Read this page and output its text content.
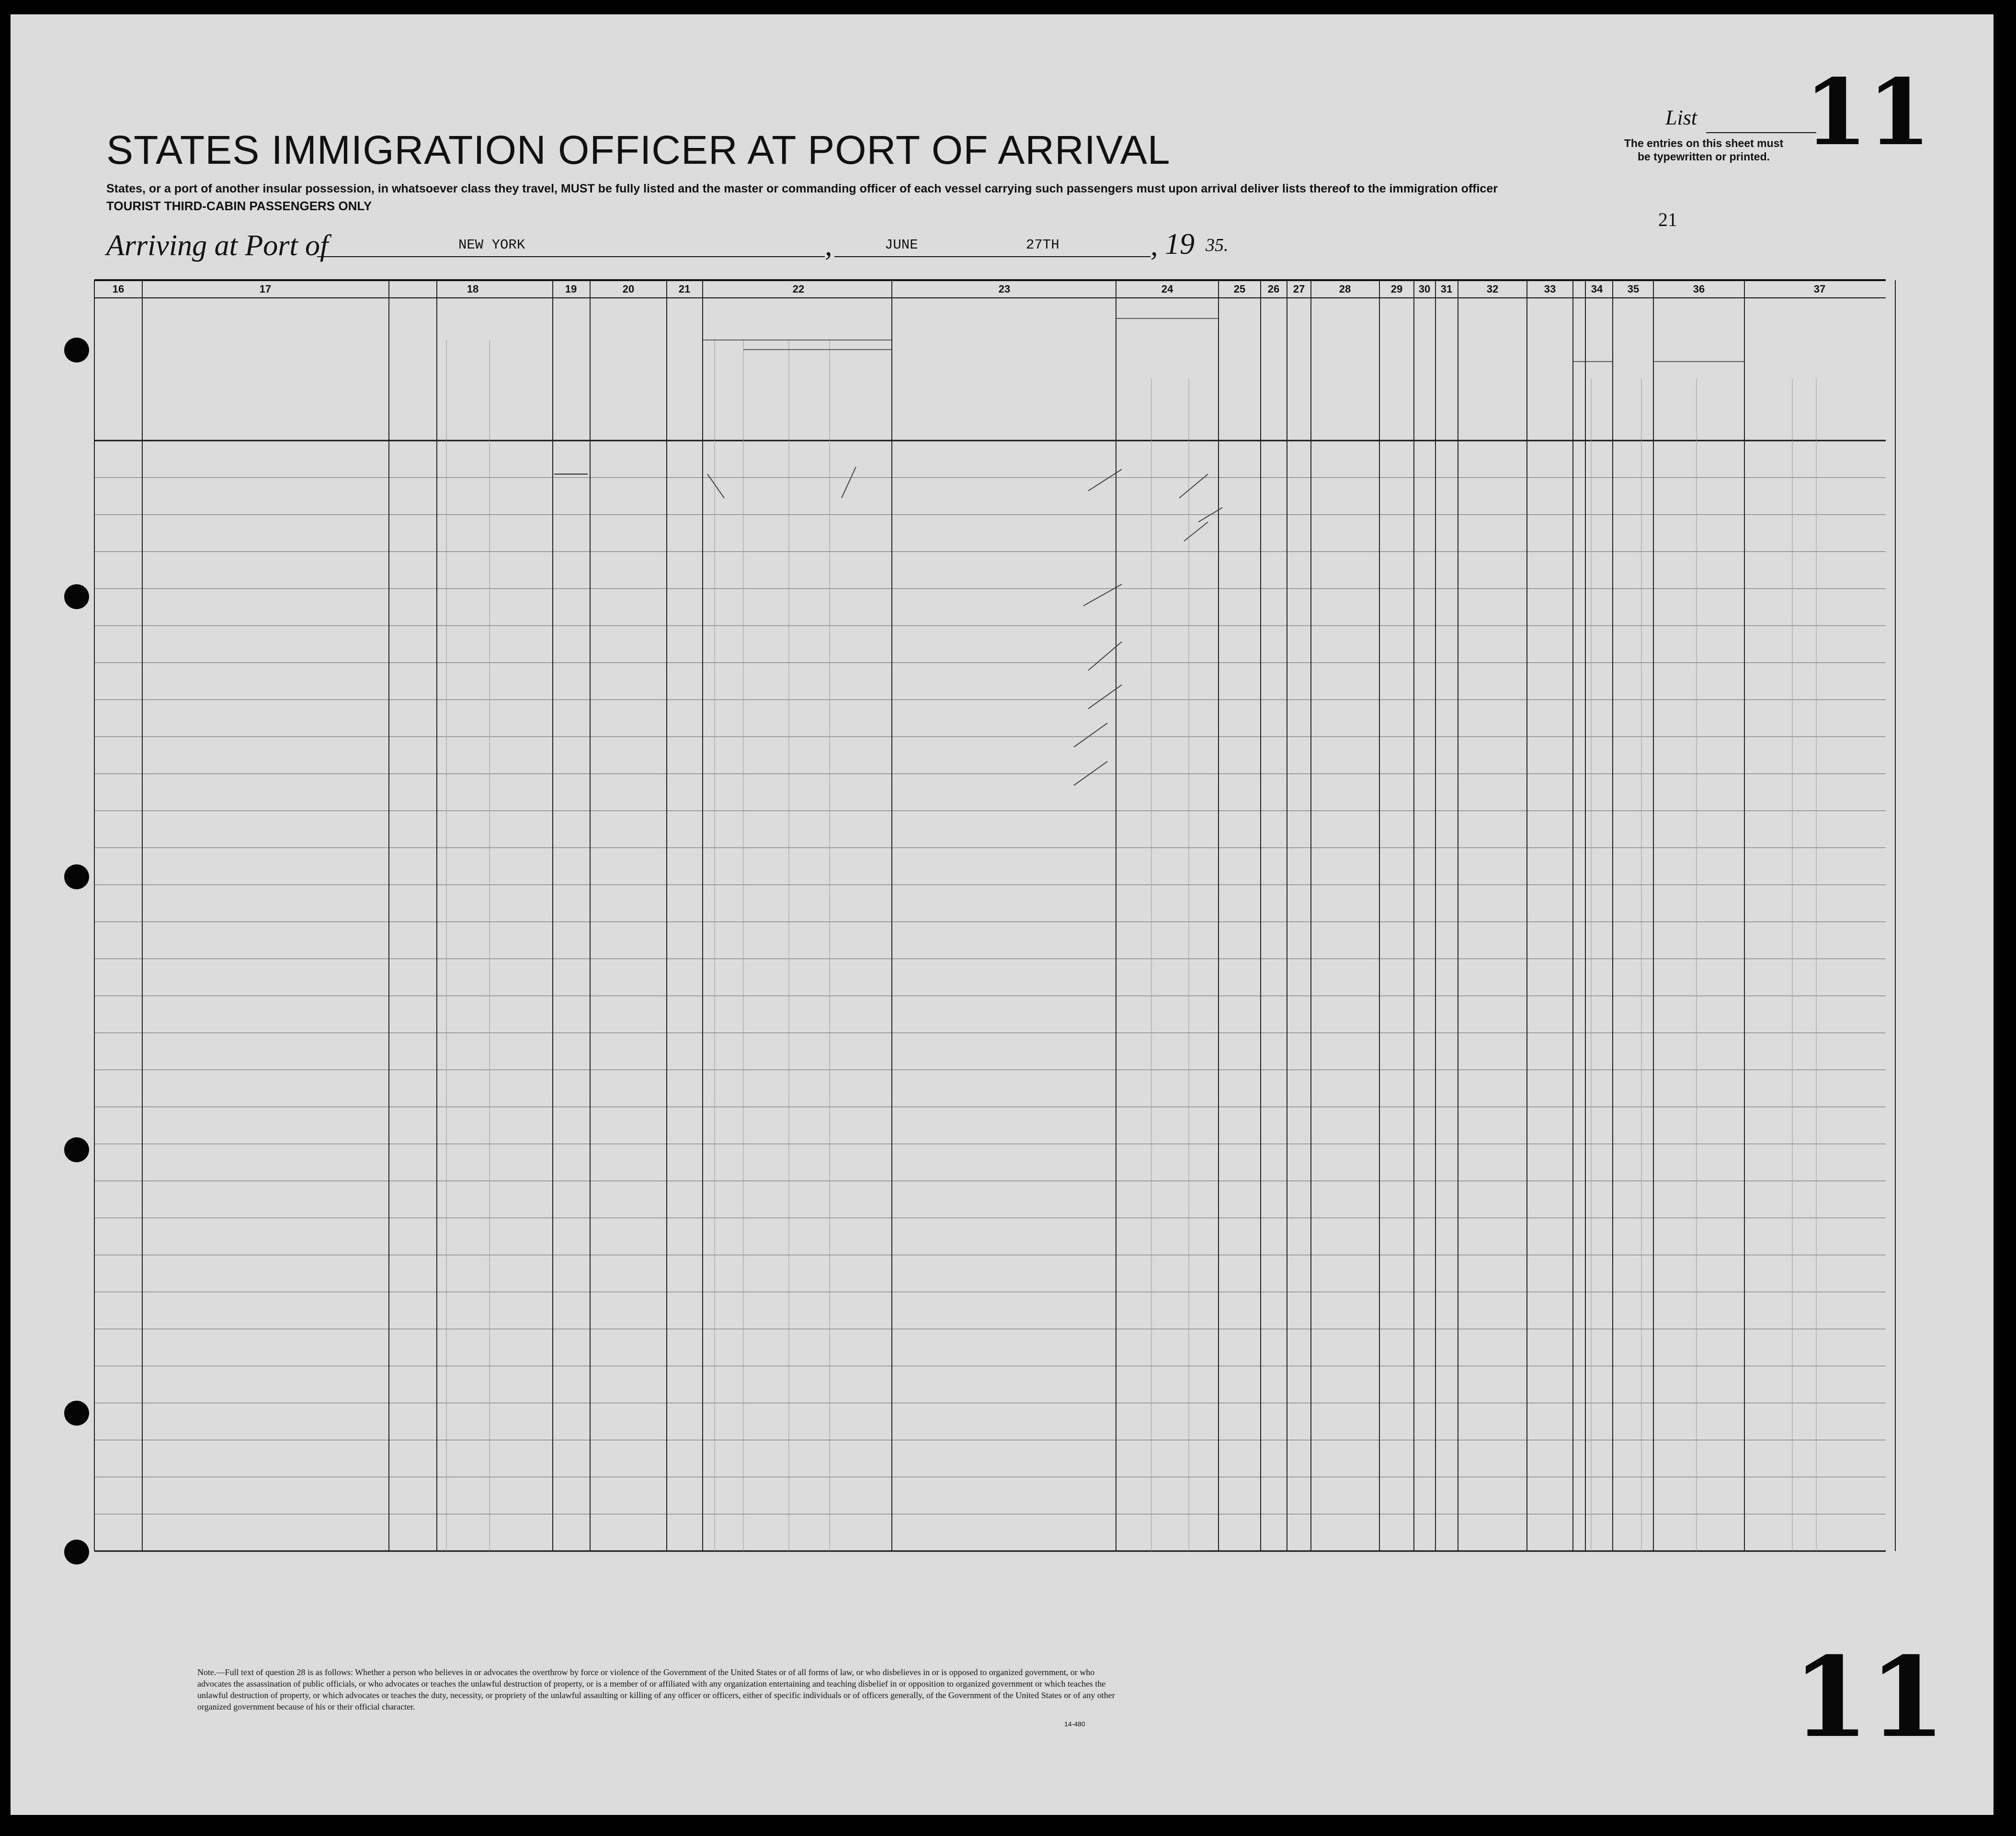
STATES IMMIGRATION OFFICER AT PORT OF ARRIVAL
States, or a port of another insular possession, in whatsoever class they travel, MUST be fully listed and the master or commanding officer of each vessel carrying such passengers must upon arrival deliver lists thereof to the immigration officer
TOURIST THIRD-CABIN PASSENGERS ONLY
Arriving at Port of	NEW YORK	,	JUNE	27TH	, 19 35.
21
List 11
The entries on this sheet must be typewritten or printed.
16	17	18	19	20	21	22	23	24	25	26	27	28	29	30 31	32	33	34	35	36	37
Note.—Full text of question 28 is as follows: Whether a person who believes in or advocates the overthrow by force or violence of the Government of the United States or of all forms of law, or who disbelieves in or is opposed to organized government, or who advocates the assassination of public officials, or who advocates or teaches the unlawful destruction of property, or is a member of or affiliated with any organization entertaining and teaching disbelief in or opposition to organized government or which teaches the unlawful destruction of property, or which advocates or teaches the duty, necessity, or propriety of the unlawful assaulting or killing of any officer or officers, either of specific individuals or of officers generally, of the Government of the United States or of any other organized government because of his or their official character.
14-480	11
